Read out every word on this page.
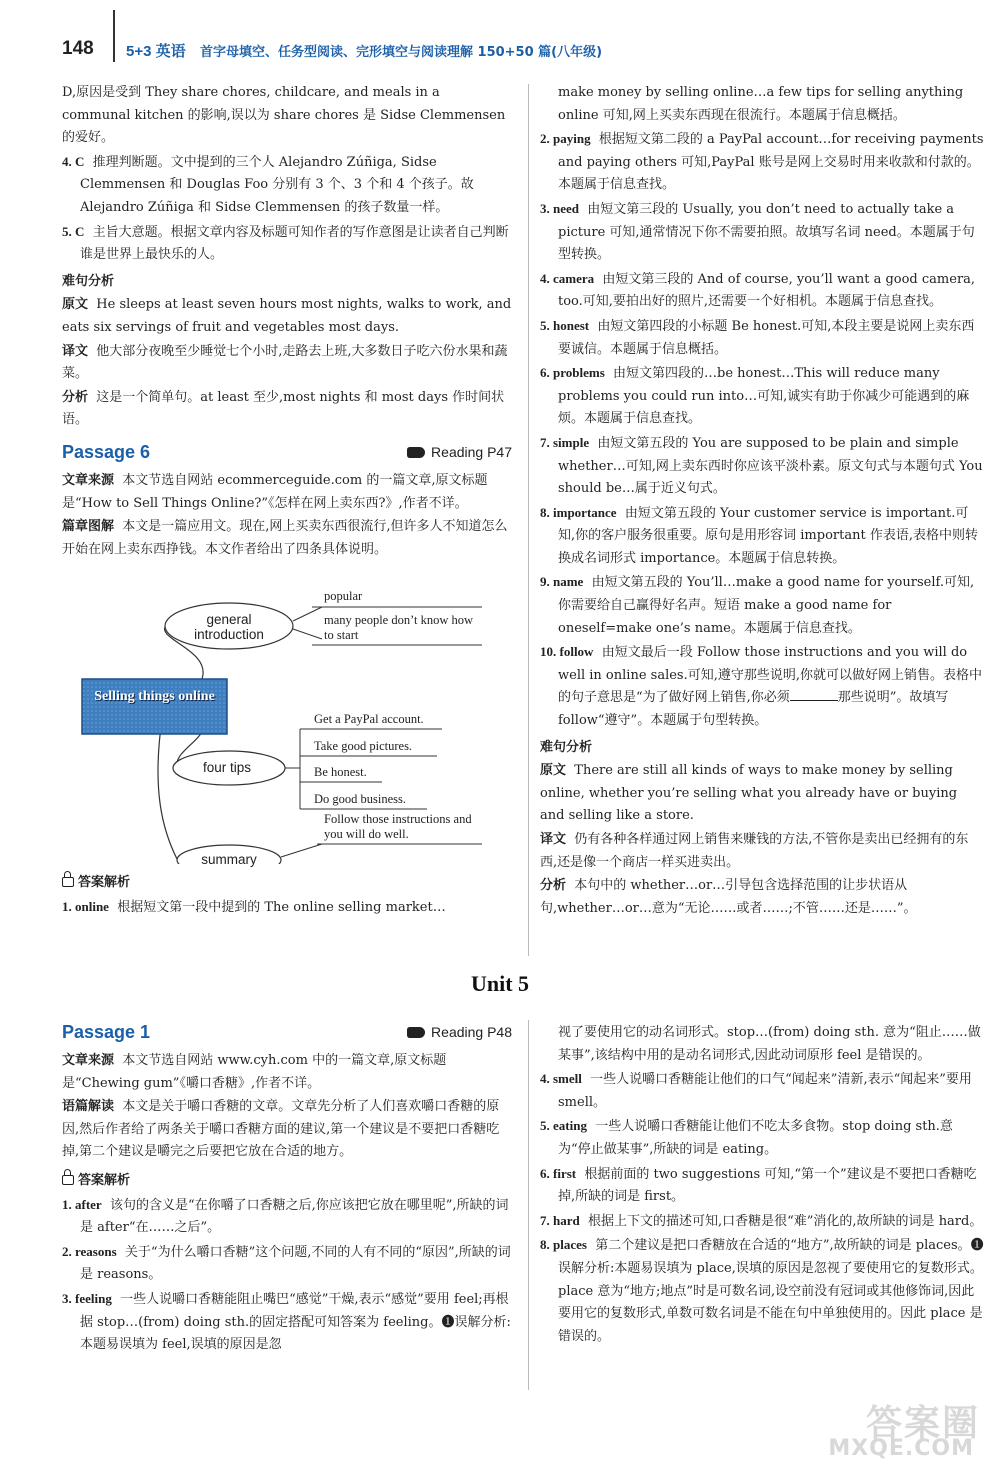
148 5+3 英语 首字母填空、任务型阅读、完形填空与阅读理解 150+50 篇(八年级)

D,原因是受到 They share chores, childcare, and meals in a communal kitchen 的影响,误以为 share chores 是 Sidse Clemmensen 的爱好。

4. C 推理判断题。文中提到的三个人 Alejandro Zúñiga, Sidse Clemmensen 和 Douglas Foo 分别有 3 个、3 个和 4 个孩子。故 Alejandro Zúñiga 和 Sidse Clemmensen 的孩子数量一样。

5. C 主旨大意题。根据文章内容及标题可知作者的写作意图是让读者自己判断谁是世界上最快乐的人。

难句分析

原文 He sleeps at least seven hours most nights, walks to work, and eats six servings of fruit and vegetables most days.

译文 他大部分夜晚至少睡觉七个小时,走路去上班,大多数日子吃六份水果和蔬菜。

分析 这是一个简单句。at least 至少,most nights 和 most days 作时间状语。

Passage 6	Reading P47

文章来源 本文节选自网站 ecommerceguide.com 的一篇文章,原文标题是“How to Sell Things Online?”《怎样在网上卖东西?》,作者不详。

篇章图解 本文是一篇应用文。现在,网上买卖东西很流行,但许多人不知道怎么开始在网上卖东西挣钱。本文作者给出了四条具体说明。

Selling things online
general introduction
popular
many people don’t know how to start
four tips
Get a PayPal account.
Take good pictures.
Be honest.
Do good business.
summary
Follow those instructions and you will do well.

答案解析

1. online 根据短文第一段中提到的 The online selling market…

make money by selling online…a few tips for selling anything online 可知,网上买卖东西现在很流行。本题属于信息概括。

2. paying 根据短文第二段的 a PayPal account…for receiving payments and paying others 可知,PayPal 账号是网上交易时用来收款和付款的。本题属于信息查找。

3. need 由短文第三段的 Usually, you don’t need to actually take a picture 可知,通常情况下你不需要拍照。故填写名词 need。本题属于句型转换。

4. camera 由短文第三段的 And of course, you’ll want a good camera, too.可知,要拍出好的照片,还需要一个好相机。本题属于信息查找。

5. honest 由短文第四段的小标题 Be honest.可知,本段主要是说网上卖东西要诚信。本题属于信息概括。

6. problems 由短文第四段的…be honest…This will reduce many problems you could run into…可知,诚实有助于你减少可能遇到的麻烦。本题属于信息查找。

7. simple 由短文第五段的 You are supposed to be plain and simple whether…可知,网上卖东西时你应该平淡朴素。原文句式与本题句式 You should be…属于近义句式。

8. importance 由短文第五段的 Your customer service is important.可知,你的客户服务很重要。原句是用形容词 important 作表语,表格中则转换成名词形式 importance。本题属于信息转换。

9. name 由短文第五段的 You’ll…make a good name for yourself.可知,你需要给自己赢得好名声。短语 make a good name for oneself=make one’s name。本题属于信息查找。

10. follow 由短文最后一段 Follow those instructions and you will do well in online sales.可知,遵守那些说明,你就可以做好网上销售。表格中的句子意思是“为了做好网上销售,你必须	那些说明”。故填写 follow“遵守”。本题属于句型转换。

难句分析

原文 There are still all kinds of ways to make money by selling online, whether you’re selling what you already have or buying and selling like a store.

译文 仍有各种各样通过网上销售来赚钱的方法,不管你是卖出已经拥有的东西,还是像一个商店一样买进卖出。

分析 本句中的 whether…or…引导包含选择范围的让步状语从句,whether…or…意为“无论……或者……;不管……还是……”。

Unit 5
Passage 1	Reading P48

文章来源 本文节选自网站 www.cyh.com 中的一篇文章,原文标题是“Chewing gum”《嚼口香糖》,作者不详。

语篇解读 本文是关于嚼口香糖的文章。文章先分析了人们喜欢嚼口香糖的原因,然后作者给了两条关于嚼口香糖方面的建议,第一个建议是不要把口香糖吃掉,第二个建议是嚼完之后要把它放在合适的地方。

答案解析

1. after 该句的含义是“在你嚼了口香糖之后,你应该把它放在哪里呢”,所缺的词是 after“在……之后”。

2. reasons 关于“为什么嚼口香糖”这个问题,不同的人有不同的“原因”,所缺的词是 reasons。

3. feeling 一些人说嚼口香糖能阻止嘴巴“感觉”干燥,表示“感觉”要用 feel;再根据 stop…(from) doing sth.的固定搭配可知答案为 feeling。❶误解分析:本题易误填为 feel,误填的原因是忽

视了要使用它的动名词形式。stop…(from) doing sth. 意为“阻止……做某事”,该结构中用的是动名词形式,因此动词原形 feel 是错误的。

4. smell 一些人说嚼口香糖能让他们的口气“闻起来”清新,表示“闻起来”要用 smell。

5. eating 一些人说嚼口香糖能让他们不吃太多食物。stop doing sth.意为“停止做某事”,所缺的词是 eating。

6. first 根据前面的 two suggestions 可知,“第一个”建议是不要把口香糖吃掉,所缺的词是 first。

7. hard 根据上下文的描述可知,口香糖是很“难”消化的,故所缺的词是 hard。

8. places 第二个建议是把口香糖放在合适的“地方”,故所缺的词是 places。❶误解分析:本题易误填为 place,误填的原因是忽视了要使用它的复数形式。place 意为“地方;地点”时是可数名词,设空前没有冠词或其他修饰词,因此要用它的复数形式,单数可数名词是不能在句中单独使用的。因此 place 是错误的。

答案圈
MXQE.COM
